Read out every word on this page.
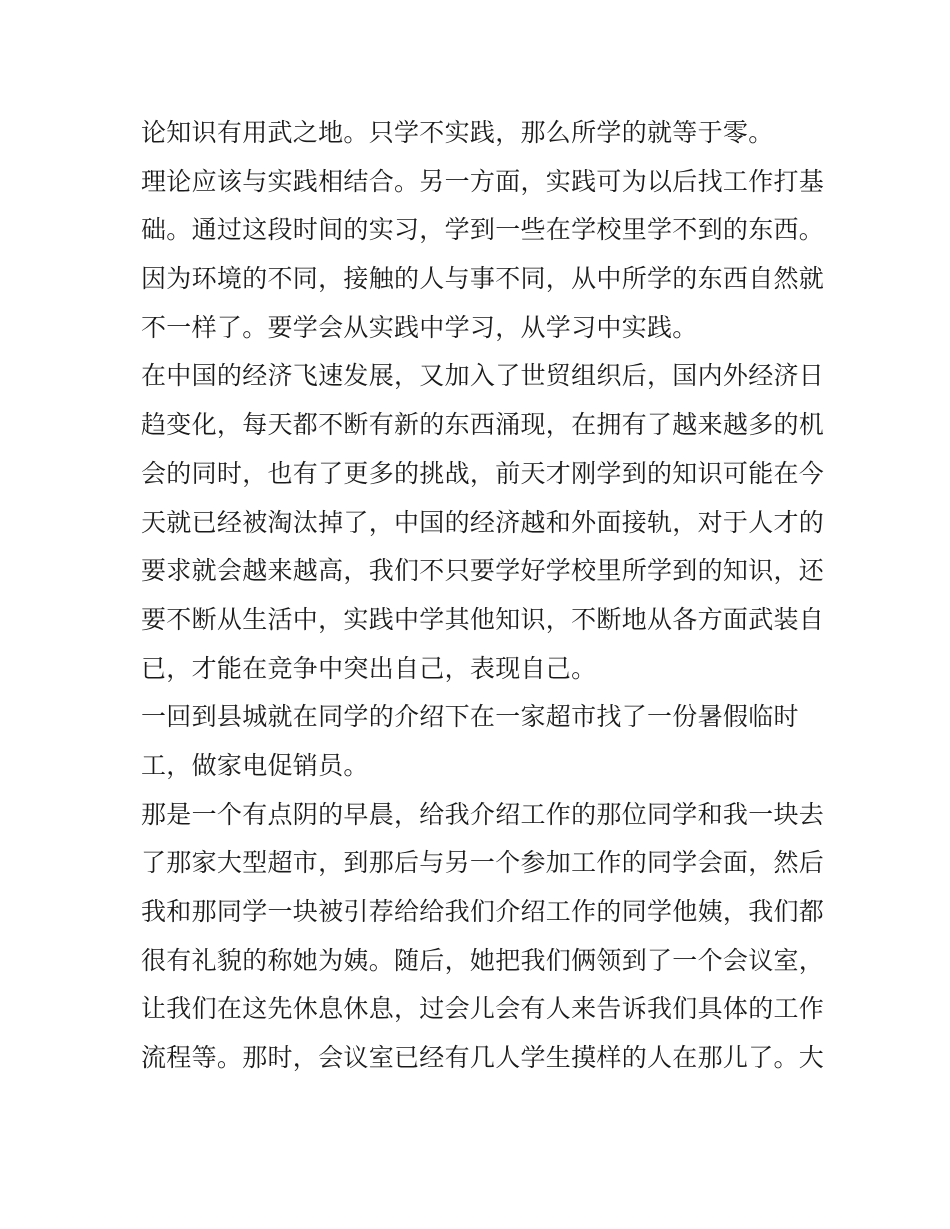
论知识有用武之地。只学不实践，那么所学的就等于零。
理论应该与实践相结合。另一方面，实践可为以后找工作打基
础。通过这段时间的实习，学到一些在学校里学不到的东西。
因为环境的不同，接触的人与事不同，从中所学的东西自然就
不一样了。要学会从实践中学习，从学习中实践。
在中国的经济飞速发展，又加入了世贸组织后，国内外经济日
趋变化，每天都不断有新的东西涌现，在拥有了越来越多的机
会的同时，也有了更多的挑战，前天才刚学到的知识可能在今
天就已经被淘汰掉了，中国的经济越和外面接轨，对于人才的
要求就会越来越高，我们不只要学好学校里所学到的知识，还
要不断从生活中，实践中学其他知识，不断地从各方面武装自
已，才能在竞争中突出自己，表现自己。
一回到县城就在同学的介绍下在一家超市找了一份暑假临时
工，做家电促销员。
那是一个有点阴的早晨，给我介绍工作的那位同学和我一块去
了那家大型超市，到那后与另一个参加工作的同学会面，然后
我和那同学一块被引荐给给我们介绍工作的同学他姨，我们都
很有礼貌的称她为姨。随后，她把我们俩领到了一个会议室，
让我们在这先休息休息，过会儿会有人来告诉我们具体的工作
流程等。那时，会议室已经有几人学生摸样的人在那儿了。大
